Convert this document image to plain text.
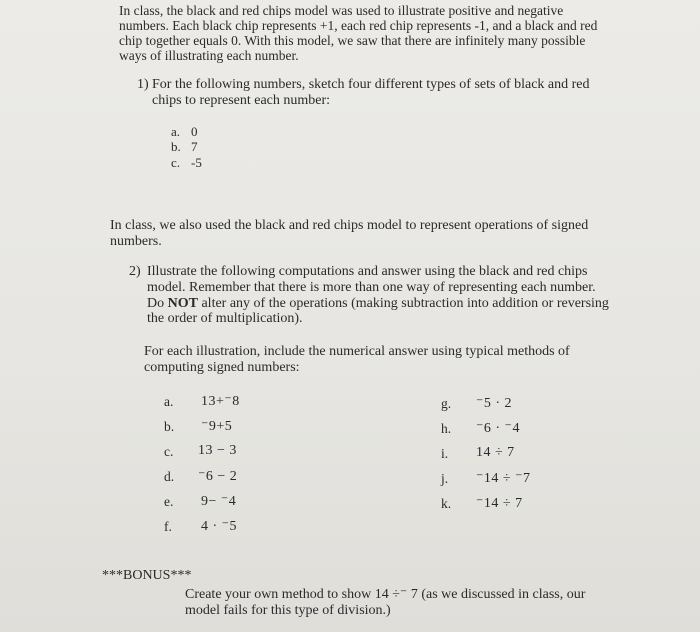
In class, the black and red chips model was used to illustrate positive and negative

numbers. Each black chip represents +1, each red chip represents -1, and a black and red

chip together equals 0. With this model, we saw that there are infinitely many possible

ways of illustrating each number.

1) For the following numbers, sketch four different types of sets of black and red

chips to represent each number:

a. 0
b. 7
c. -5

In class, we also used the black and red chips model to represent operations of signed

numbers.

2) Illustrate the following computations and answer using the black and red chips

model. Remember that there is more than one way of representing each number.

Do NOT alter any of the operations (making subtraction into addition or reversing

the order of multiplication).

For each illustration, include the numerical answer using typical methods of

computing signed numbers:

a. 13+⁻8
b. ⁻9+5
c. 13 − 3
d. ⁻6 − 2
e. 9− ⁻4
f. 4 · ⁻5
g. ⁻5 · 2
h. ⁻6 · ⁻4
i. 14 ÷ 7
j. ⁻14 ÷ ⁻7
k. ⁻14 ÷ 7

***BONUS***

Create your own method to show 14 ÷⁻ 7 (as we discussed in class, our

model fails for this type of division.)
